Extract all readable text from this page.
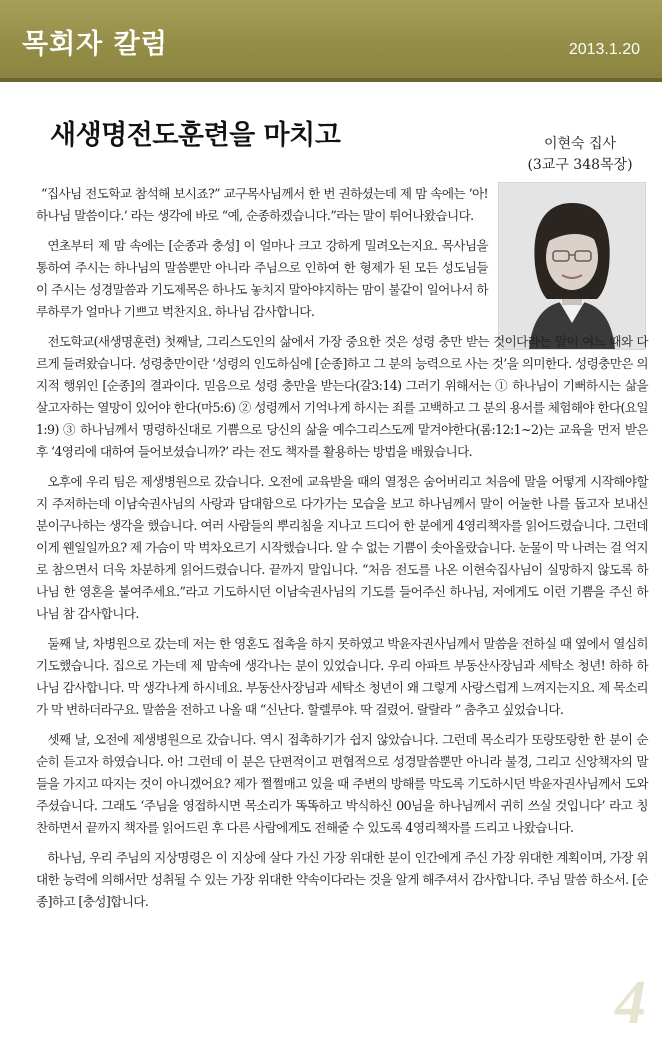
목회자 칼럼	2013.1.20
새생명전도훈련을 마치고	이현숙 집사
(3교구 348목장)

“집사님 전도학교 참석해 보시죠?” 교구목사님께서 한 번 권하셨는데 제 맘 속에는 ‘아! 하나님 말씀이다.’ 라는 생각에 바로 “예, 순종하겠습니다.”라는 말이 튀어나왔습니다.

연초부터 제 맘 속에는 [순종과 충성] 이 얼마나 크고 강하게 밀려오는지요. 목사님을 통하여 주시는 하나님의 말씀뿐만 아니라 주님으로 인하여 한 형제가 된 모든 성도님들이 주시는 성경말씀과 기도제목은 하나도 놓치지 말아야지하는 맘이 불같이 일어나서 하루하루가 얼마나 기쁘고 벅찬지요. 하나님 감사합니다.

전도학교(새생명훈련) 첫째날, 그리스도인의 삶에서 가장 중요한 것은 성령 충만 받는 것이다라는 말이 여느 때와 다르게 들려왔습니다. 성령충만이란 ‘성령의 인도하심에 [순종]하고 그 분의 능력으로 사는 것’을 의미한다. 성령충만은 의지적 행위인 [순종]의 결과이다. 믿음으로 성령 충만을 받는다(갈3:14) 그러기 위해서는 ① 하나님이 기뻐하시는 삶을 살고자하는 열망이 있어야 한다(마5:6) ② 성령께서 기억나게 하시는 죄를 고백하고 그 분의 용서를 체험해야 한다(요일1:9) ③ 하나님께서 명령하신대로 기쁨으로 당신의 삶을 예수그리스도께 맡겨야한다(롬:12:1~2)는 교육을 먼저 받은 후 ‘4영리에 대하여 들어보셨습니까?’ 라는 전도 책자를 활용하는 방법을 배웠습니다.

오후에 우리 팀은 제생병원으로 갔습니다. 오전에 교육받을 때의 열정은 숨어버리고 처음에 말을 어떻게 시작해야할 지 주저하는데 이남숙권사님의 사랑과 담대함으로 다가가는 모습을 보고 하나님께서 말이 어눌한 나를 돕고자 보내신 분이구나하는 생각을 했습니다. 여러 사람들의 뿌리침을 지나고 드디어 한 분에게 4영리책자를 읽어드렸습니다. 그런데 이게 웬일일까요? 제 가슴이 막 벅차오르기 시작했습니다. 알 수 없는 기쁨이 솟아올랐습니다. 눈물이 막 나려는 걸 억지로 참으면서 더욱 차분하게 읽어드렸습니다. 끝까지 말입니다. “처음 전도를 나온 이현숙집사님이 실망하지 않도록 하나님 한 영혼을 붙여주세요.”라고 기도하시던 이남숙권사님의 기도를 들어주신 하나님, 저에게도 이런 기쁨을 주신 하나님 참 감사합니다.

둘째 날, 차병원으로 갔는데 저는 한 영혼도 접촉을 하지 못하였고 박윤자권사님께서 말씀을 전하실 때 옆에서 열심히 기도했습니다. 집으로 가는데 제 맘속에 생각나는 분이 있었습니다. 우리 아파트 부동산사장님과 세탁소 청년! 하하 하나님 감사합니다. 막 생각나게 하시네요. 부동산사장님과 세탁소 청년이 왜 그렇게 사랑스럽게 느껴지는지요. 제 목소리가 막 변하더라구요. 말씀을 전하고 나올 때 “신난다. 할렐루야. 딱 걸렸어. 랄랄라 ” 춤추고 싶었습니다.

셋째 날, 오전에 제생병원으로 갔습니다. 역시 접촉하기가 쉽지 않았습니다. 그런데 목소리가 또랑또랑한 한 분이 순순히 듣고자 하였습니다. 아! 그런데 이 분은 단편적이고 편협적으로 성경말씀뿐만 아니라 불경, 그리고 신앙책자의 말들을 가지고 따지는 것이 아니겠어요? 제가 쩔쩔매고 있을 때 주변의 방해를 막도록 기도하시던 박윤자권사님께서 도와주셨습니다. 그래도 ‘주님을 영접하시면 목소리가 똑똑하고 박식하신 00님을 하나님께서 귀히 쓰실 것입니다’ 라고 칭찬하면서 끝까지 책자를 읽어드린 후 다른 사람에게도 전해줄 수 있도록 4영리책자를 드리고 나왔습니다.

하나님, 우리 주님의 지상명령은 이 지상에 살다 가신 가장 위대한 분이 인간에게 주신 가장 위대한 계획이며, 가장 위대한 능력에 의해서만 성취될 수 있는 가장 위대한 약속이다라는 것을 알게 해주셔서 감사합니다. 주님 말씀 하소서. [순종]하고 [충성]합니다.

4
